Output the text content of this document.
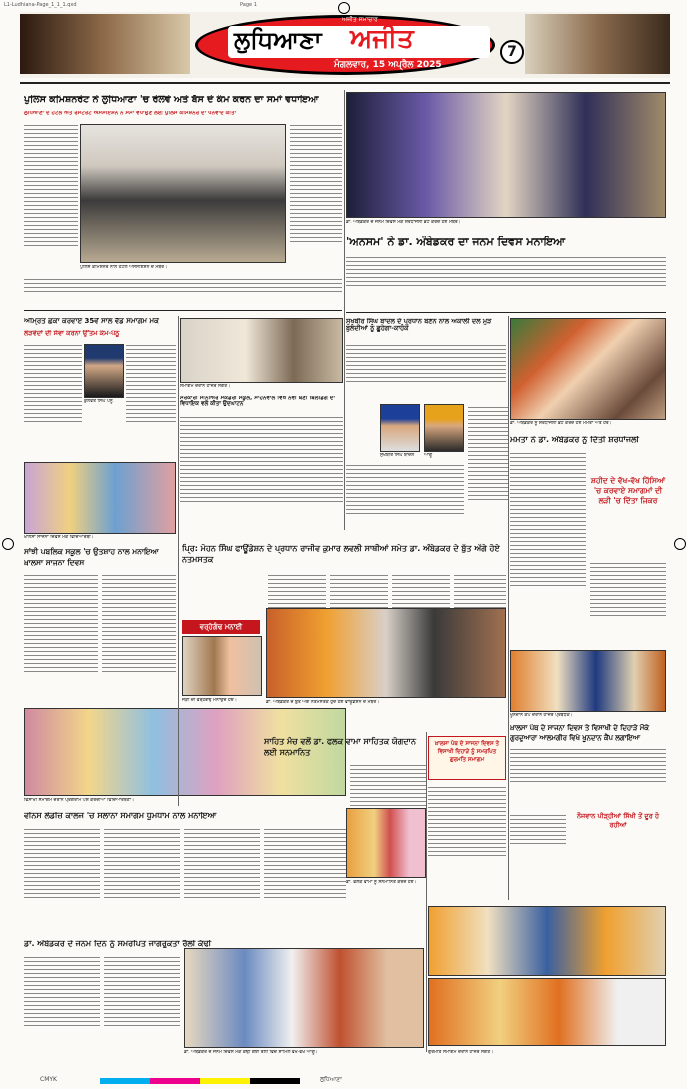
L1-Ludhiana-Page_1_1_1.qxd	Page 1
ਲੁਧਿਆਣਾ ਅਜੀਤ
ਅਜੀਤ ਸਮਾਚਾਰ
ਮੰਗਲਵਾਰ, 15 ਅਪ੍ਰੈਲ 2025
7
ਪੁਲਿਸ ਕਮਿਸ਼ਨਰੇਟ ਨੇ ਲੁਧਿਆਣਾ 'ਚ ਰੇਲਵੇ ਅਤੇ ਬੱਸ ਦੇ ਕੰਮ ਕਰਨ ਦਾ ਸਮਾਂ ਵਧਾਇਆ
ਲੁਧਿਆਣਾ ਦੇ ਹੋਟਲ ਅਤੇ ਰੈਸਟੋਰੈਂਟ ਐਸੋਸੀਏਸ਼ਨ ਨੇ ਸਮਾਂ ਵਧਾਉਣ ਲਈ ਪੁਲਿਸ ਕਮਿਸ਼ਨਰ ਦਾ ਧੰਨਵਾਦ ਕੀਤਾ
ਪੁਲਿਸ ਕਮਿਸ਼ਨਰ ਨਾਲ ਹੋਟਲ ਐਸੋਸੀਏਸ਼ਨ ਦੇ ਮੈਂਬਰ।
ਡਾ. ਅੰਬੇਡਕਰ ਦੇ ਜਨਮ ਦਿਵਸ ਮੌਕੇ ਸ਼ਰਧਾਂਜਲੀ ਭੇਟ ਕਰਦੇ ਹੋਏ ਮੈਂਬਰ।
'ਅਨਸਮ' ਨੇ ਡਾ. ਅੰਬੇਡਕਰ ਦਾ ਜਨਮ ਦਿਵਸ ਮਨਾਇਆ
ਅੰਮ੍ਰਿਤ ਛਕਾ ਕਰਵਾਏ 35ਵੇਂ ਸਾਲ ਵੱਡ ਸਮਾਗਮ ਮੌਕੇ
ਲੋੜਵੰਦਾਂ ਦੀ ਸੇਵਾ ਕਰਨਾ ਉੱਤਮ ਕੰਮ-ਪੰਨੂ
ਕੁਲਵੰਤ ਸਿੰਘ ਪੰਨੂ
ਸਮਾਗਮ ਦੌਰਾਨ ਹਾਜ਼ਰ ਸੰਗਤ।
ਸਰਕਾਰੀ ਸੀਨੀਅਰ ਸੈਕੰਡਰੀ ਸਕੂਲ, ਸਾਹਨੇਵਾਲ ਵਿਖੇ ਨਵੀਂ ਬਣੀ ਬਿਲਡਿੰਗ ਦਾ ਵਿਧਾਇਕ ਵਲੋਂ ਕੀਤਾ ਉਦਘਾਟਨ
ਸੁਖਬੀਰ ਸਿੰਘ ਬਾਦਲ ਦੇ ਪ੍ਰਧਾਨ ਬਣਨ ਨਾਲ ਅਕਾਲੀ ਦਲ ਮੁੜ ਬੁਲੰਦੀਆਂ ਨੂੰ ਛੂਹੇਗਾ-ਕਾਹੰਕੇ
ਸੁਖਬੀਰ ਸਿੰਘ ਬਾਦਲ	ਆਗੂ
ਡਾ. ਅੰਬੇਡਕਰ ਨੂੰ ਸ਼ਰਧਾਂਜਲੀ ਭੇਟ ਕਰਦੇ ਹੋਏ ਮਮਤਾ ਅਤੇ ਹੋਰ।
ਮਮਤਾ ਨੇ ਡਾ. ਅੰਬੇਡਕਰ ਨੂੰ ਦਿੱਤੀ ਸ਼ਰਧਾਂਜਲੀ
ਸ਼ਹੀਦ ਦੇ ਵੱਖ-ਵੱਖ ਹਿੱਸਿਆਂ 'ਚ ਕਰਵਾਏ ਸਮਾਗਮਾਂ ਦੀ ਲੜੀ 'ਚ ਦਿੱਤਾ ਜਿਕਰ
ਖ਼ਾਲਸਾ ਸਾਜਨਾ ਦਿਵਸ ਮੌਕੇ ਵਿਦਿਆਰਥੀ।
ਸਾਂਝੀ ਪਬਲਿਕ ਸਕੂਲ 'ਚ ਉਤਸ਼ਾਹ ਨਾਲ ਮਨਾਇਆ ਖ਼ਾਲਸਾ ਸਾਜਨਾ ਦਿਵਸ
ਵਰ੍ਹੇਗੰਢ ਮਨਾਈ
ਜੋੜੀ ਦੀ ਵਰ੍ਹੇਗੰਢ ਮਨਾਉਂਦੇ ਹੋਏ।
ਪ੍ਰਿ: ਮੋਹਨ ਸਿੰਘ ਫਾਊਂਡੇਸ਼ਨ ਦੇ ਪ੍ਰਧਾਨ ਰਾਜੀਵ ਕੁਮਾਰ ਲਵਲੀ ਸਾਥੀਆਂ ਸਮੇਤ ਡਾ. ਅੰਬੇਡਕਰ ਦੇ ਬੁੱਤ ਅੱਗੇ ਹੋਏ ਨਤਮਸਤਕ
ਡਾ. ਅੰਬੇਡਕਰ ਦੇ ਬੁੱਤ ਅੱਗੇ ਨਤਮਸਤਕ ਹੁੰਦੇ ਹੋਏ ਫਾਊਂਡੇਸ਼ਨ ਦੇ ਮੈਂਬਰ।
ਖੂਨਦਾਨ ਕੈਂਪ ਦੌਰਾਨ ਹਾਜ਼ਰ ਪ੍ਰਬੰਧਕ।
ਖ਼ਾਲਸਾ ਪੰਥ ਦੇ ਸਾਜਨਾ ਦਿਵਸ ਤੇ ਵਿਸਾਖੀ ਦੇ ਦਿਹਾੜੇ ਮੌਕੇ ਗੁਰਦੁਆਰਾ ਆਲਮਗੀਰ ਵਿਖੇ ਖੂਨਦਾਨ ਕੈਂਪ ਲਗਾਇਆ
ਨੌਜਵਾਨ ਪੀੜ੍ਹੀਆਂ ਸਿੱਖੀ ਤੋਂ ਦੂਰ ਹੋ ਰਹੀਆਂ
ਵਿਸਾਖੀ ਸਮਾਗਮ ਦੌਰਾਨ ਪ੍ਰੋਗਰਾਮ ਪੇਸ਼ ਕਰਦੀਆਂ ਵਿਦਿਆਰਥਣਾਂ।
ਵੀਨਸ ਲੇਡੀਜ਼ ਕਾਲਜ 'ਚ ਸਲਾਨਾ ਸਮਾਗਮ ਧੂਮਧਾਮ ਨਾਲ ਮਨਾਇਆ
ਸਾਹਿਤ ਮੰਚ ਵਲੋਂ ਡਾ. ਫਲਕ ਵਾਮਾ ਸਾਹਿਤਕ ਯੋਗਦਾਨ ਲਈ ਸਨਮਾਨਿਤ
ਡਾ. ਫਲਕ ਵਾਮਾ ਨੂੰ ਸਨਮਾਨਿਤ ਕਰਦੇ ਹੋਏ।
ਖ਼ਾਲਸਾ ਪੰਥ ਦੇ ਸਾਜਨਾ ਦਿਵਸ ਤੇ ਵਿਸਾਖੀ ਦਿਹਾੜੇ ਨੂੰ ਸਮਰਪਿਤ ਗੁਰਮਤਿ ਸਮਾਗਮ
ਡਾ. ਅੰਬੇਡਕਰ ਦੇ ਜਨਮ ਦਿਨ ਨੂੰ ਸਮਰਪਿਤ ਜਾਗਰੂਕਤਾ ਰੈਲੀ ਕੱਢੀ
ਡਾ. ਅੰਬੇਡਕਰ ਦੇ ਜਨਮ ਦਿਵਸ ਮੌਕੇ ਕੱਢੀ ਗਈ ਰੈਲੀ ਵਿਚ ਸ਼ਾਮਿਲ ਵੱਖ-ਵੱਖ ਆਗੂ।	ਗੁਰਮਤਿ ਸਮਾਗਮ ਦੌਰਾਨ ਹਾਜ਼ਰ ਸੰਗਤ।
CMYK	ਲੁਧਿਆਣਾ
